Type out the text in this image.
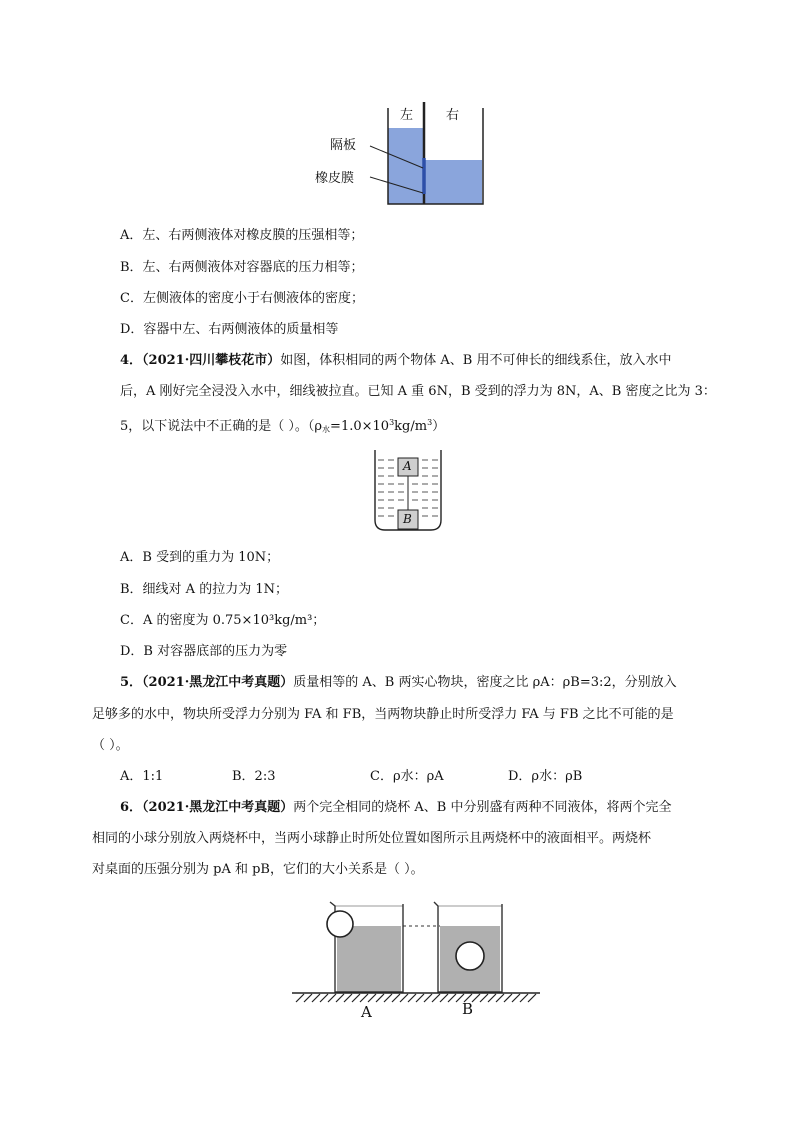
左	右
隔板
橡皮膜
A．左、右两侧液体对橡皮膜的压强相等；
B．左、右两侧液体对容器底的压力相等；
C．左侧液体的密度小于右侧液体的密度；
D．容器中左、右两侧液体的质量相等
4．（2021·四川攀枝花市）如图，体积相同的两个物体 A、B 用不可伸长的细线系住，放入水中
后，A 刚好完全浸没入水中，细线被拉直。已知 A 重 6N，B 受到的浮力为 8N，A、B 密度之比为 3：
5，以下说法中不正确的是（ ）。$(\rho_水=1.0\times 10^3kg/m^3)$
A
B
A．B 受到的重力为 10N；
B．细线对 A 的拉力为 1N；
C．A 的密度为 0.75×10³kg/m³；
D．B 对容器底部的压力为零
5．（2021·黑龙江中考真题）质量相等的 A、B 两实心物块，密度之比 ρA：ρB=3:2，分别放入
足够多的水中，物块所受浮力分别为 FA 和 FB，当两物块静止时所受浮力 FA 与 FB 之比不可能的是
（ ）。
A．1:1	B．2:3	C．ρ水：ρA	D．ρ水：ρB
6．（2021·黑龙江中考真题）两个完全相同的烧杯 A、B 中分别盛有两种不同液体，将两个完全
相同的小球分别放入两烧杯中，当两小球静止时所处位置如图所示且两烧杯中的液面相平。两烧杯
对桌面的压强分别为 pA 和 pB，它们的大小关系是（ ）。
A	B
